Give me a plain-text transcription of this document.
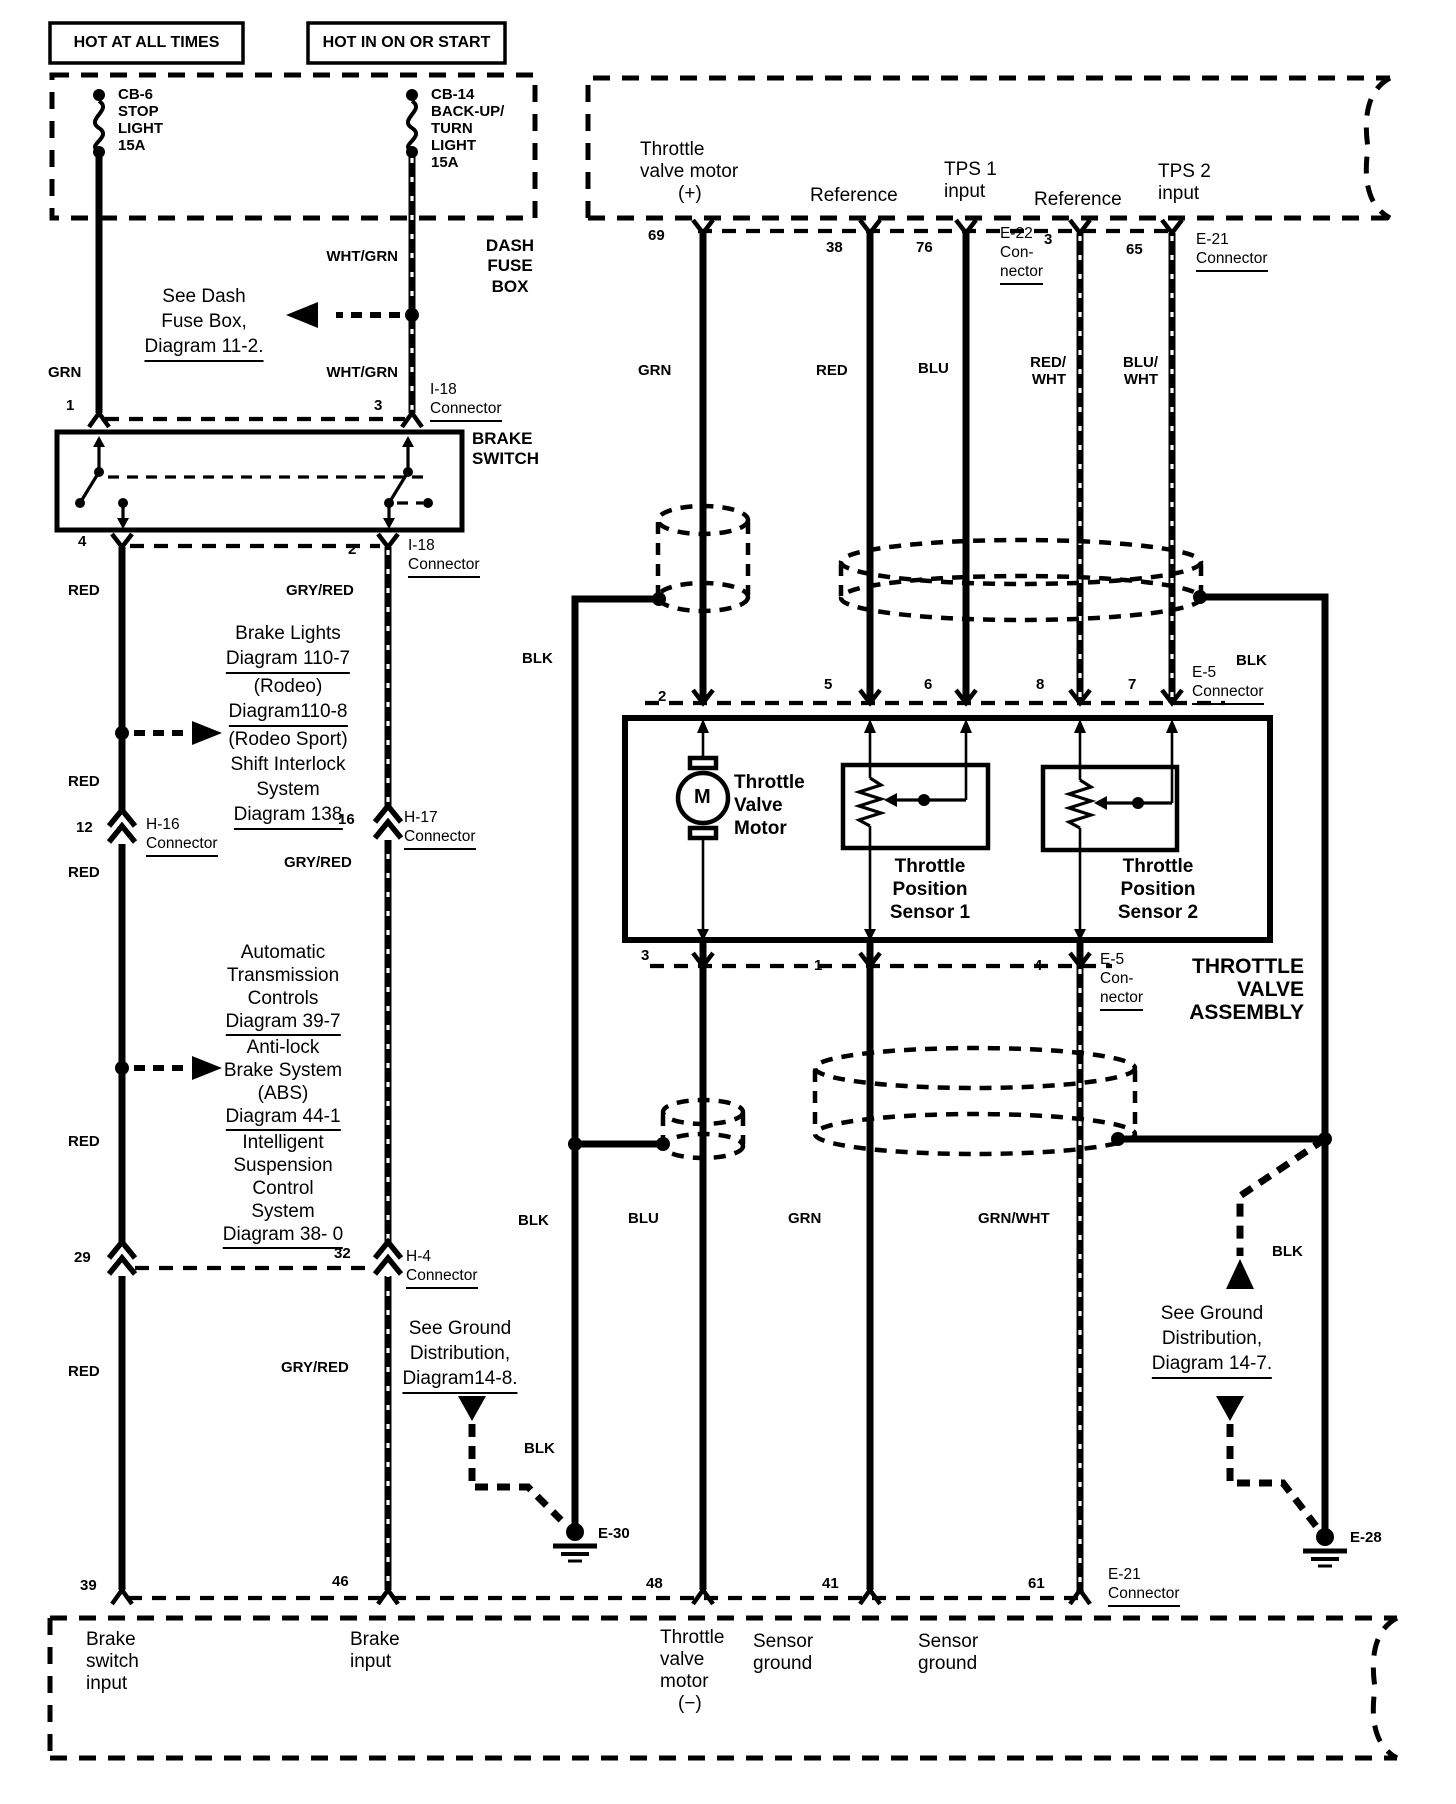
HOT AT ALL TIMES	HOT IN ON OR START
CB-6
STOP
LIGHT
15A
CB-14
BACK-UP/
TURN
LIGHT
15A
DASH
FUSE
BOX
See Dash
Fuse Box,
Diagram 11-2.
WHT/GRN
WHT/GRN
GRN
1	3
I-18
Connector
BRAKE
SWITCH
4	2	I-18
Connector
RED	GRY/RED
Brake Lights
Diagram 110-7
(Rodeo)
Diagram110-8
(Rodeo Sport)
Shift Interlock
System
Diagram 138
RED
12	H-16
Connector
16	H-17
Connector
RED
GRY/RED
Automatic
Transmission
Controls
Diagram 39-7
Anti-lock
Brake System
(ABS)
Diagram 44-1
Intelligent
Suspension
Control
System
Diagram 38- 0
RED
29	32	H-4
Connector
RED	GRY/RED
See Ground
Distribution,
Diagram14-8.
BLK
BLK
BLK
E-30
39	46
Brake
switch
input
Brake
input
Throttle
valve
motor
(−)
Sensor
ground
Sensor
ground
Throttle
valve motor
(+)	Reference
TPS 1
input	Reference
TPS 2
input
69
38	76
E-22
Con-
nector
3
65
E-21
Connector
GRN	RED	BLU	RED/
WHT
BLU/
WHT
BLK
E-5
Connector
2
5	6	8	7
M
Throttle
Valve
Motor
Throttle
Position
Sensor 1
Throttle
Position
Sensor 2
3
1	4	E-5
Con-
nector
THROTTLE
VALVE
ASSEMBLY
BLU	GRN	GRN/WHT
BLK
See Ground
Distribution,
Diagram 14-7.
E-28
48	41	61
E-21
Connector
